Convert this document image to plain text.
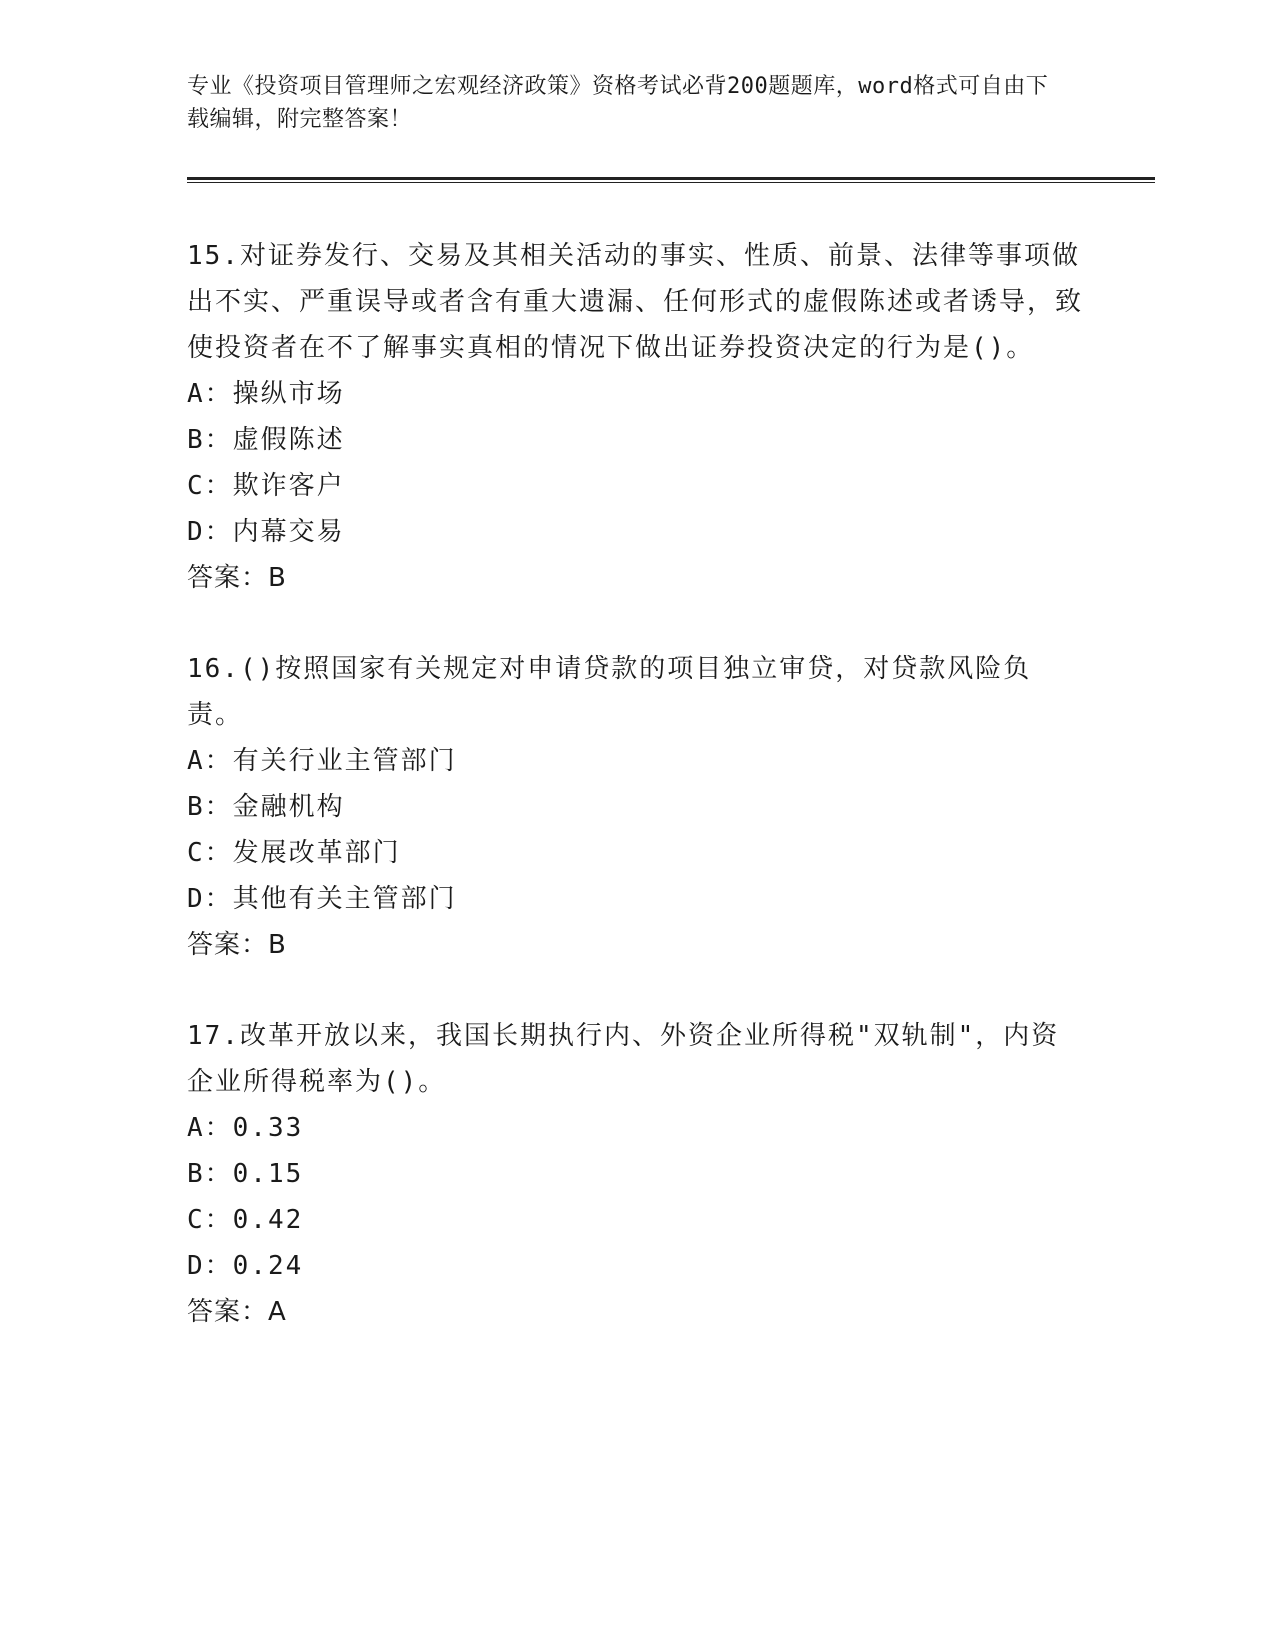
专业《投资项目管理师之宏观经济政策》资格考试必背200题题库，word格式可自由下载编辑，附完整答案！

15.对证券发行、交易及其相关活动的事实、性质、前景、法律等事项做出不实、严重误导或者含有重大遗漏、任何形式的虚假陈述或者诱导，致使投资者在不了解事实真相的情况下做出证券投资决定的行为是()。

A：操纵市场

B：虚假陈述

C：欺诈客户

D：内幕交易

答案：B

16.()按照国家有关规定对申请贷款的项目独立审贷，对贷款风险负责。

A：有关行业主管部门

B：金融机构

C：发展改革部门

D：其他有关主管部门

答案：B

17.改革开放以来，我国长期执行内、外资企业所得税"双轨制"，内资企业所得税率为()。

A：0.33

B：0.15

C：0.42

D：0.24

答案：A
